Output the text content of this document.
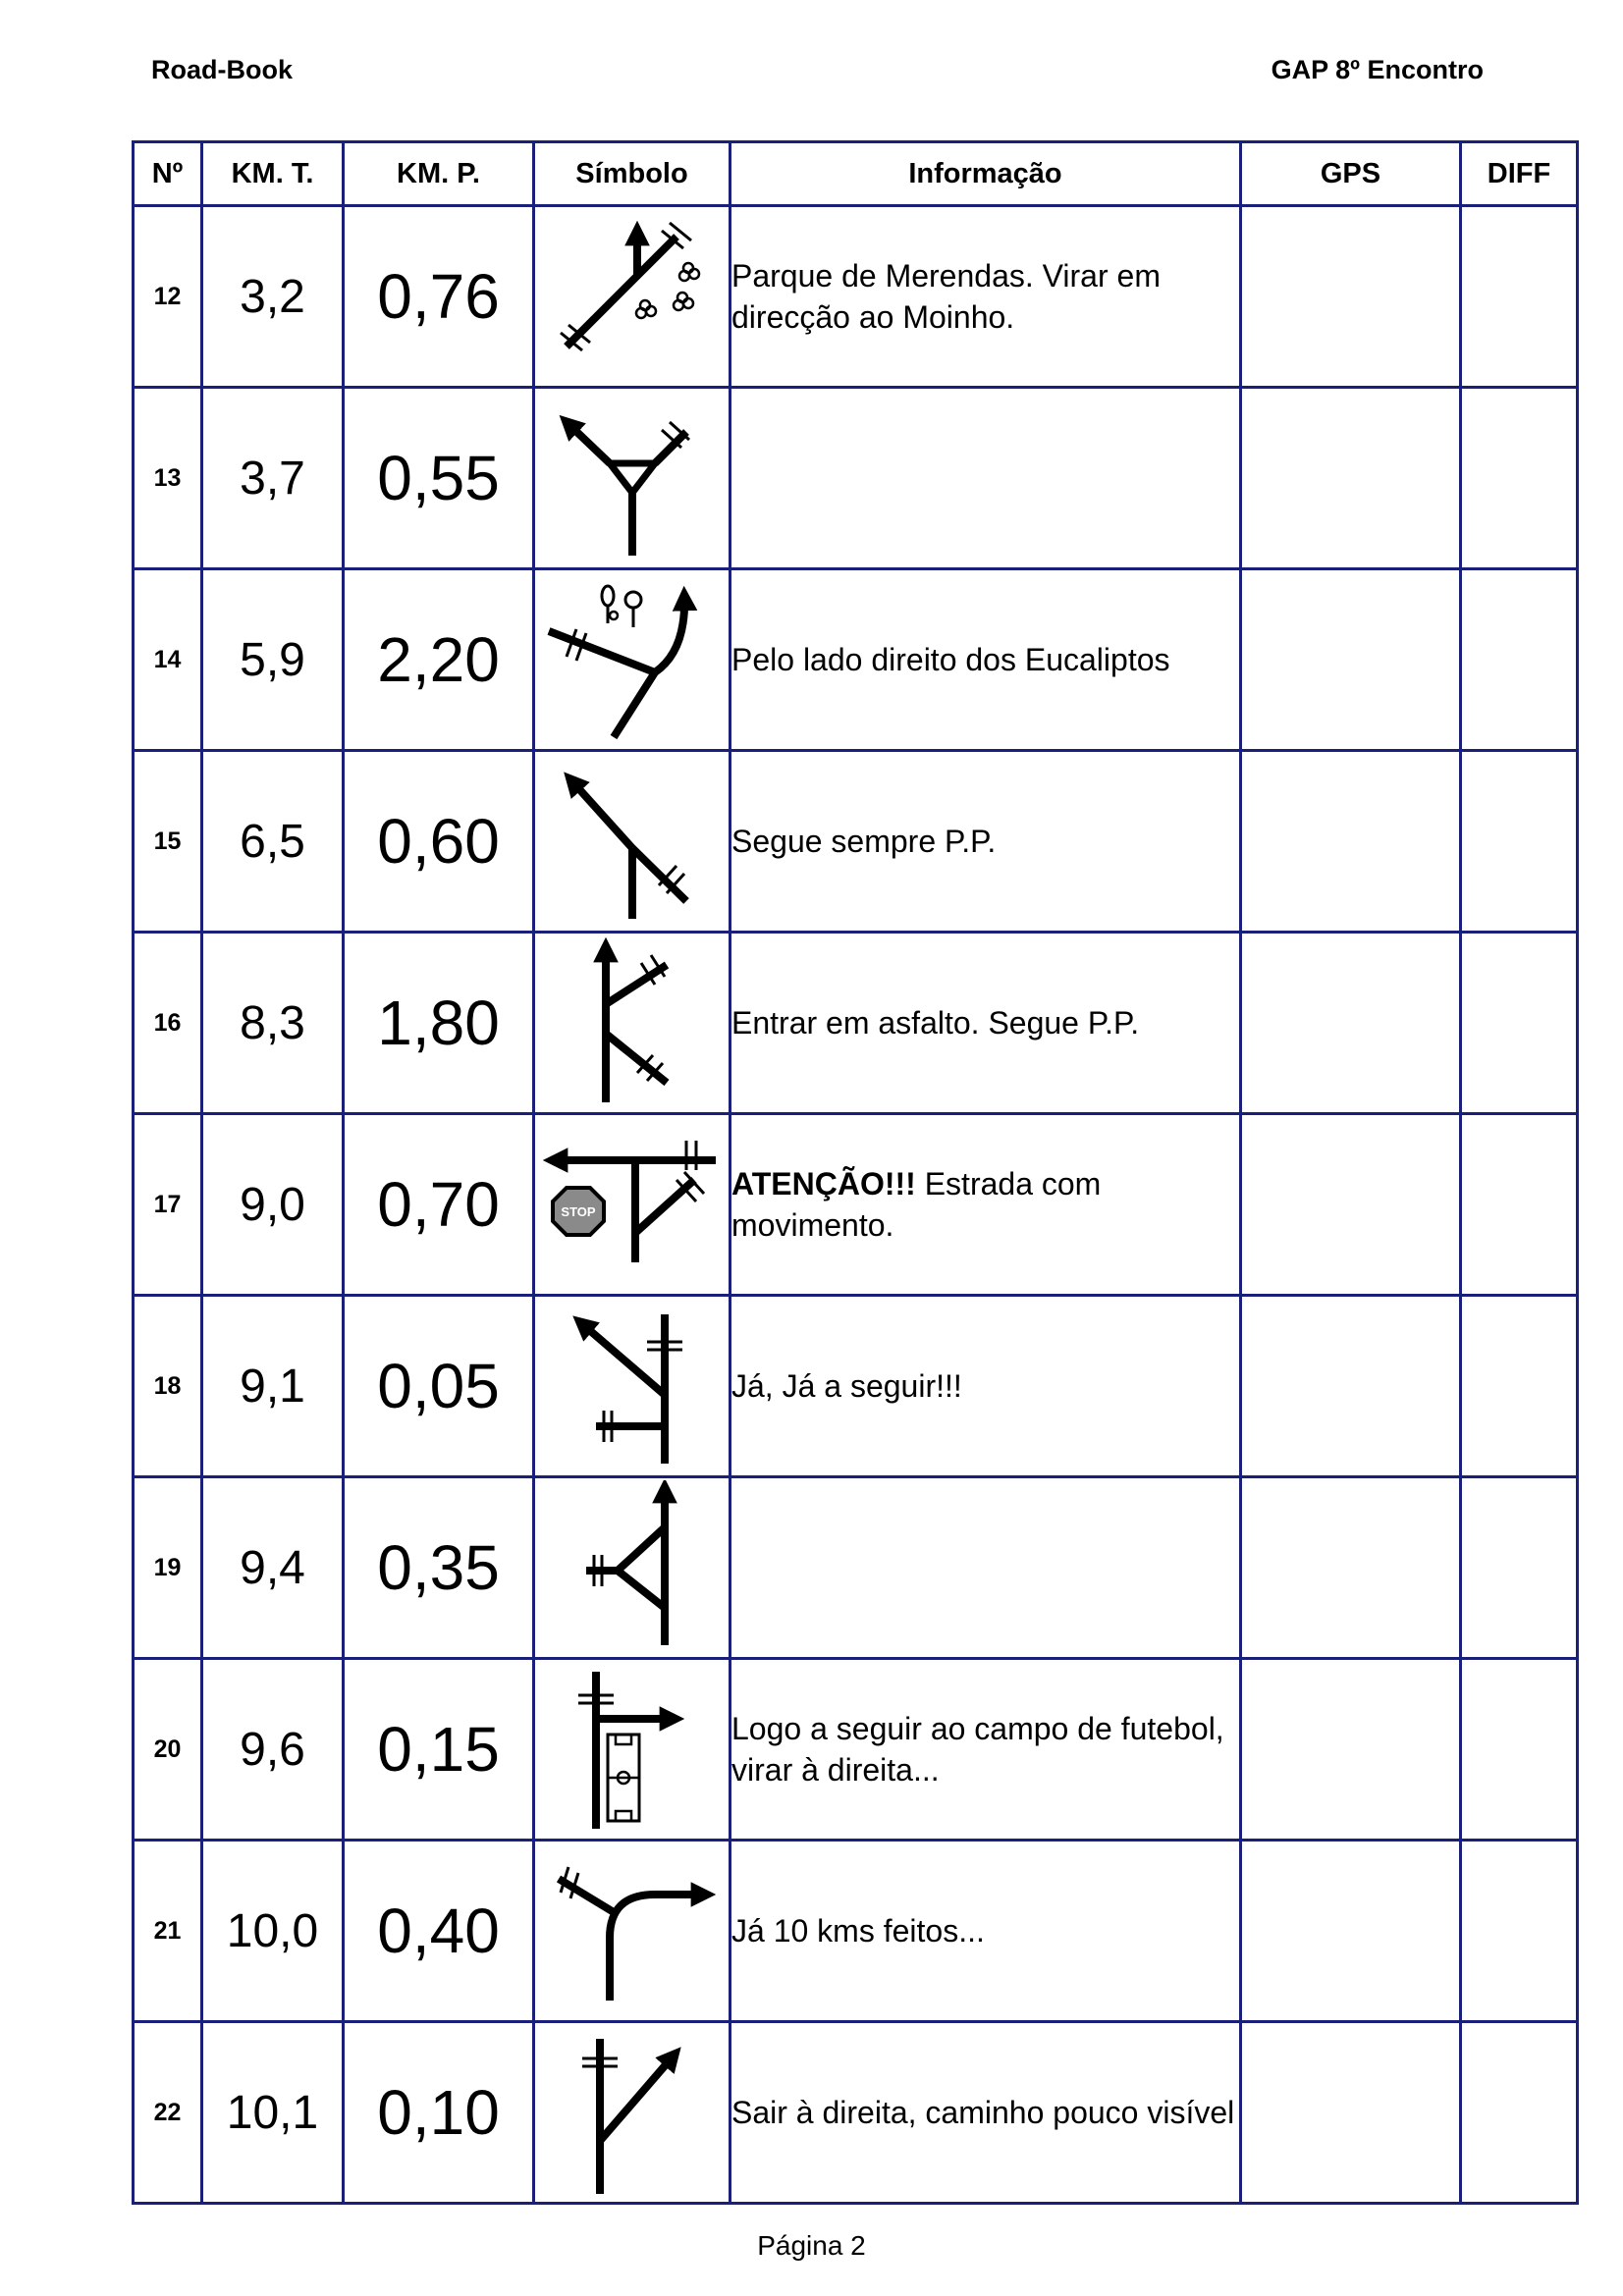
Road-Book	GAP 8º Encontro
Nº	KM. T.	KM. P.	Símbolo	Informação	GPS	DIFF
12	3,2	0,76		Parque de Merendas. Virar em direcção ao Moinho.		
13	3,7	0,55	

14	5,9	2,20		Pelo lado direito dos Eucaliptos		
15	6,5	0,60		Segue sempre P.P.		
16	8,3	1,80		Entrar em asfalto. Segue P.P.		
17	9,0	0,70	STOP	ATENÇÃO!!! Estrada com movimento.		
18	9,1	0,05		Já, Já a seguir!!!		
19	9,4	0,35	

20	9,6	0,15		Logo a seguir ao campo de futebol, virar à direita...		
21	10,0	0,40		Já 10 kms feitos...		
22	10,1	0,10		Sair à direita, caminho pouco visível		
Página 2
